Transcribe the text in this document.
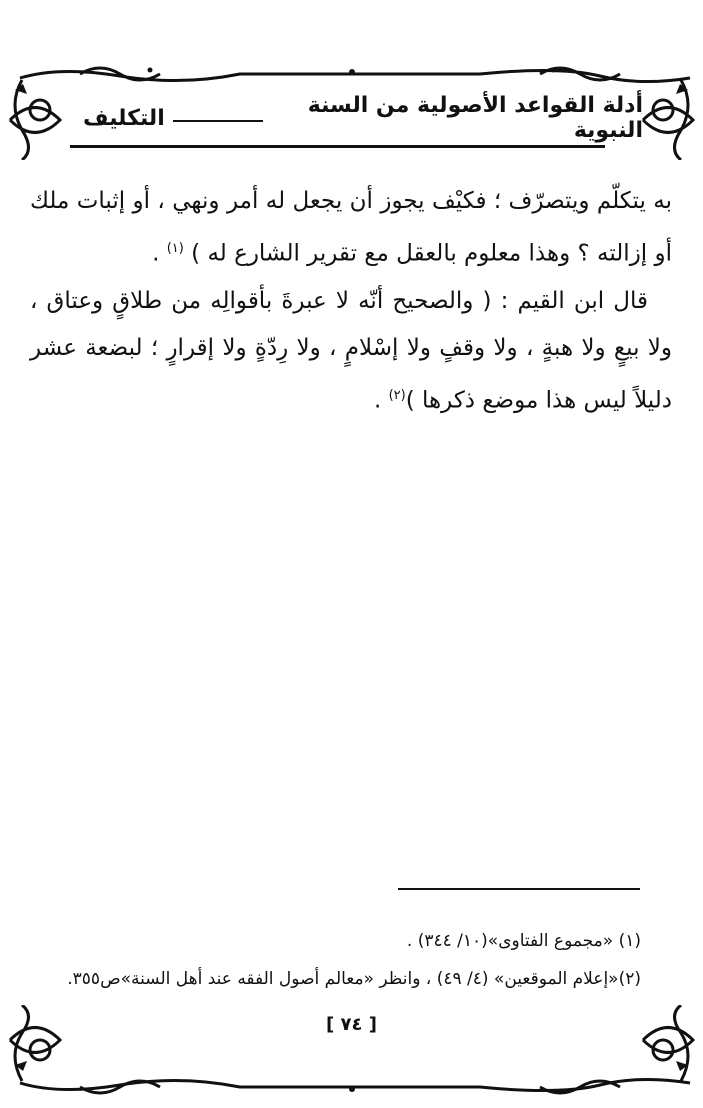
أدلة القواعد الأصولية من السنة النبوية
التكليف

به يتكلّم ويتصرّف ؛ فكيْف يجوز أن يجعل له أمر ونهي ، أو إثبات ملك أو إزالته ؟ وهذا معلوم بالعقل مع تقرير الشارع له ) $^{(١)}$ .

قال ابن القيم : ( والصحيح أنّه لا عبرةَ بأقوالِه من طلاقٍ وعتاق ، ولا بيعٍ ولا هبةٍ ، ولا وقفٍ ولا إسْلامٍ ، ولا رِدّةٍ ولا إقرارٍ ؛ لبضعة عشر دليلاً ليس هذا موضع ذكرها )$^{(٢)}$ .

(١) «مجموع الفتاوى»(١٠/ ٣٤٤) .

(٢)«إعلام الموقعين» (٤/ ٤٩) ، وانظر «معالم أصول الفقه عند أهل السنة»ص٣٥٥.

[ ٧٤ ]
